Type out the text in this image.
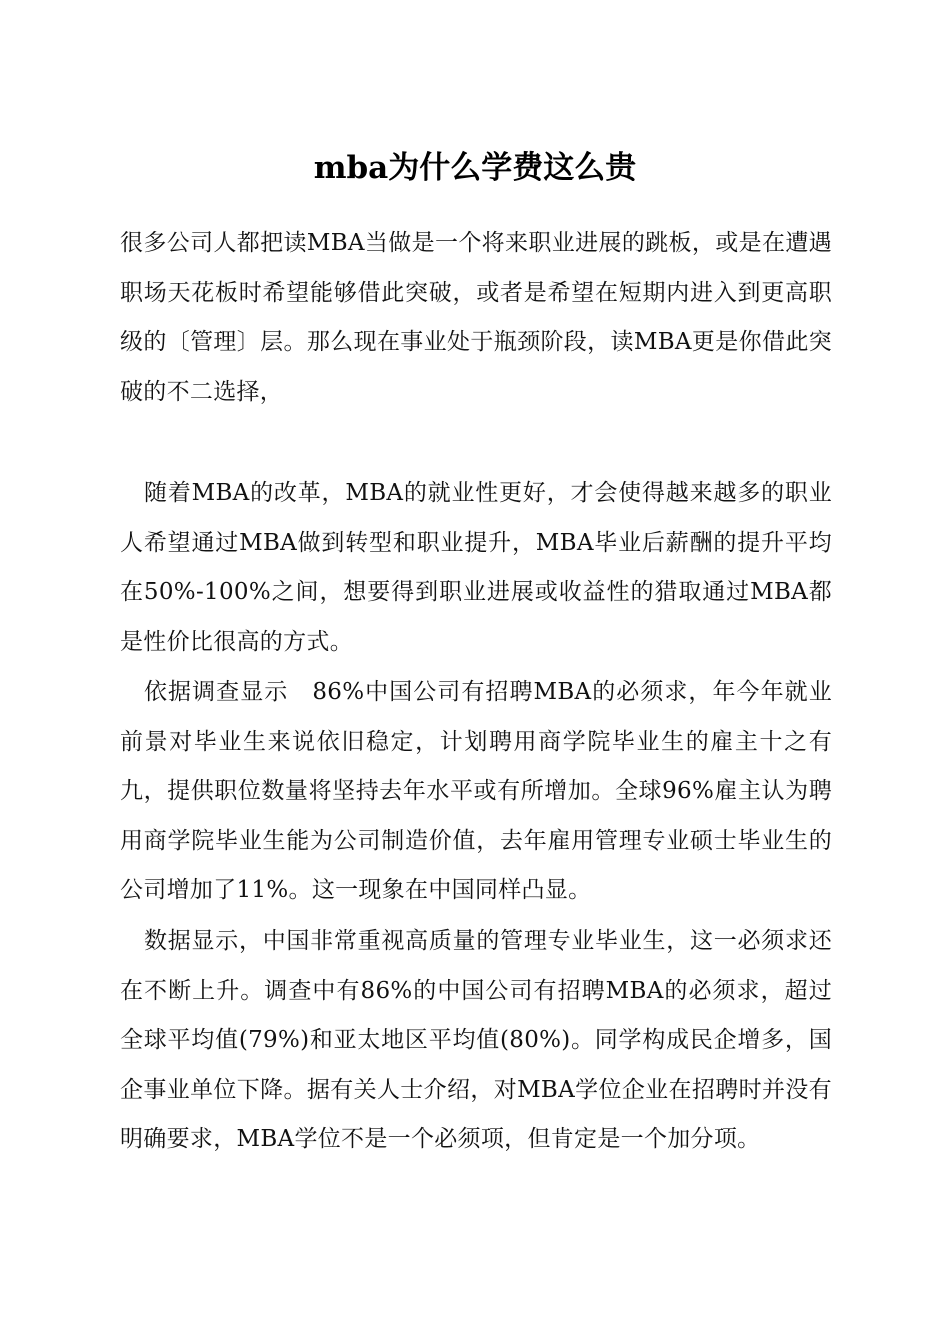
mba为什么学费这么贵

很多公司人都把读MBA当做是一个将来职业进展的跳板，或是在遭遇职场天花板时希望能够借此突破，或者是希望在短期内进入到更高职级的〔管理〕层。那么现在事业处于瓶颈阶段，读MBA更是你借此突破的不二选择，

随着MBA的改革，MBA的就业性更好，才会使得越来越多的职业人希望通过MBA做到转型和职业提升，MBA毕业后薪酬的提升平均在50%-100%之间，想要得到职业进展或收益性的猎取通过MBA都是性价比很高的方式。

依据调查显示　86%中国公司有招聘MBA的必须求，年今年就业前景对毕业生来说依旧稳定，计划聘用商学院毕业生的雇主十之有九，提供职位数量将坚持去年水平或有所增加。全球96%雇主认为聘用商学院毕业生能为公司制造价值，去年雇用管理专业硕士毕业生的公司增加了11%。这一现象在中国同样凸显。

数据显示，中国非常重视高质量的管理专业毕业生，这一必须求还在不断上升。调查中有86%的中国公司有招聘MBA的必须求，超过全球平均值(79%)和亚太地区平均值(80%)。同学构成民企增多，国企事业单位下降。据有关人士介绍，对MBA学位企业在招聘时并没有明确要求，MBA学位不是一个必须项，但肯定是一个加分项。
